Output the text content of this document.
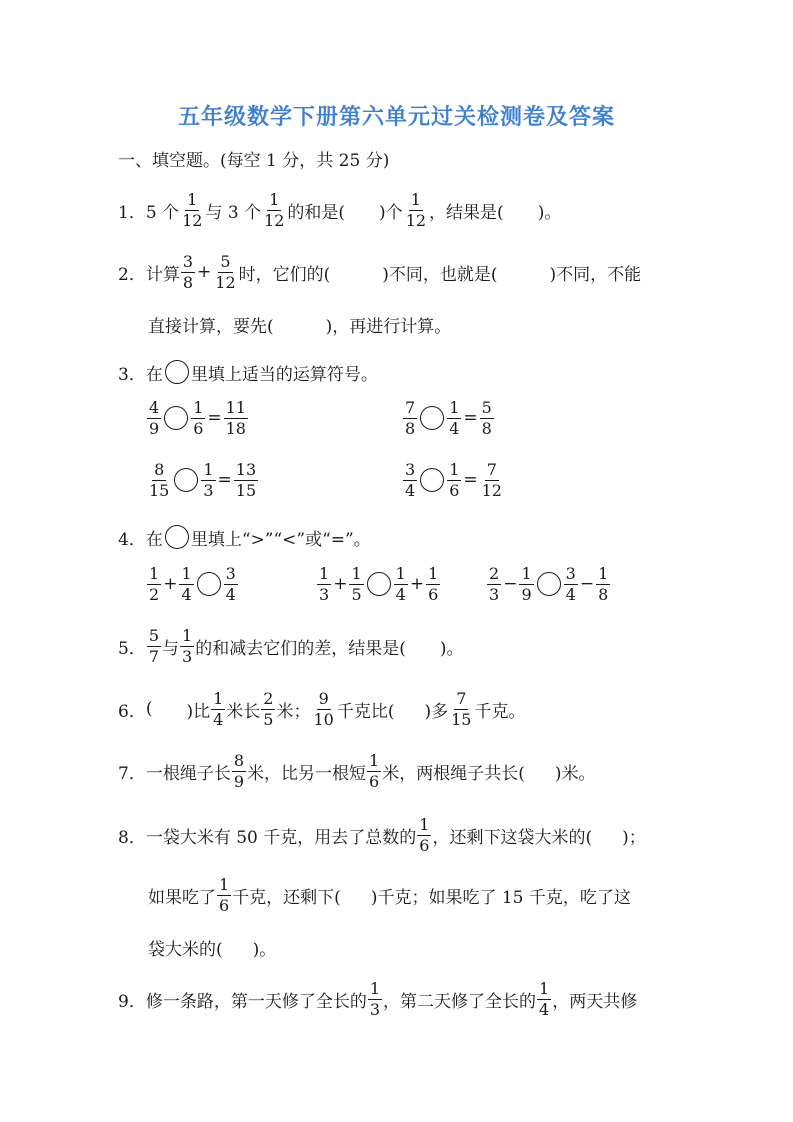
五年级数学下册第六单元过关检测卷及答案
一、填空题。(每空 1 分，共 25 分)
1． 5 个 $\frac{1}{12}$ 与 3 个 $\frac{1}{12}$ 的和是( )个 $\frac{1}{12}$ ，结果是( )。
2． 计算 $\frac{3}{8} + \frac{5}{12}$ 时，它们的(	)不同，也就是(	)不同，不能
直接计算，要先(	)，再进行计算。
3． 在 里填上适当的运算符号。
$\frac{4}{9} \frac{1}{6} = \frac{11}{18}$	$\frac{7}{8} \frac{1}{4} = \frac{5}{8}$
$\frac{8}{15} \frac{1}{3} = \frac{13}{15}$	$\frac{3}{4} \frac{1}{6} = \frac{7}{12}$
4． 在 里填上“>”“<”或“=”。
$\frac{1}{2} + \frac{1}{4} \frac{3}{4}$	$\frac{1}{3} + \frac{1}{5} \frac{1}{4} + \frac{1}{6}$	$\frac{2}{3} - \frac{1}{9} \frac{3}{4} - \frac{1}{8}$
5． $\frac{5}{7}$ 与 $\frac{1}{3}$ 的和减去它们的差，结果是( )。
6． ( )比 $\frac{1}{4}$ 米长 $\frac{2}{5}$ 米； $\frac{9}{10}$ 千克比( )多 $\frac{7}{15}$ 千克。
7． 一根绳子长 $\frac{8}{9}$ 米，比另一根短 $\frac{1}{6}$ 米，两根绳子共长( )米。
8． 一袋大米有 50 千克，用去了总数的 $\frac{1}{6}$ ，还剩下这袋大米的( )；
如果吃了 $\frac{1}{6}$ 千克，还剩下( )千克；如果吃了 15 千克，吃了这
袋大米的( )。
9． 修一条路，第一天修了全长的 $\frac{1}{3}$ ，第二天修了全长的 $\frac{1}{4}$ ，两天共修
